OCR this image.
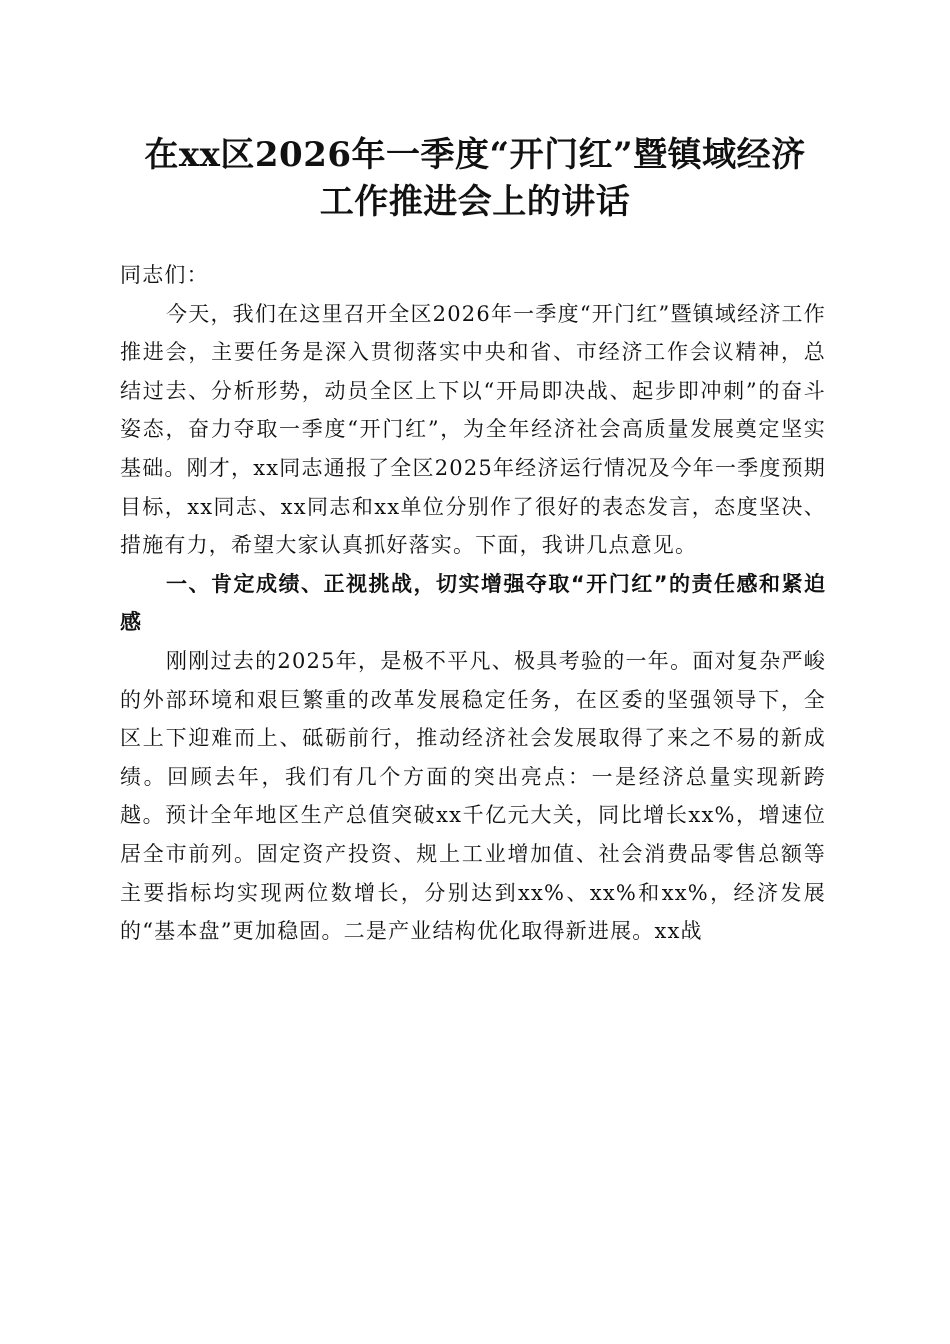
在xx区2026年一季度“开门红”暨镇域经济
工作推进会上的讲话

同志们：

今天，我们在这里召开全区2026年一季度“开门红”暨镇域经济工作推进会，主要任务是深入贯彻落实中央和省、市经济工作会议精神，总结过去、分析形势，动员全区上下以“开局即决战、起步即冲刺”的奋斗姿态，奋力夺取一季度“开门红”，为全年经济社会高质量发展奠定坚实基础。刚才，xx同志通报了全区2025年经济运行情况及今年一季度预期目标，xx同志、xx同志和xx单位分别作了很好的表态发言，态度坚决、措施有力，希望大家认真抓好落实。下面，我讲几点意见。

一、肯定成绩、正视挑战，切实增强夺取“开门红”的责任感和紧迫感

刚刚过去的2025年，是极不平凡、极具考验的一年。面对复杂严峻的外部环境和艰巨繁重的改革发展稳定任务，在区委的坚强领导下，全区上下迎难而上、砥砺前行，推动经济社会发展取得了来之不易的新成绩。回顾去年，我们有几个方面的突出亮点：一是经济总量实现新跨越。预计全年地区生产总值突破xx千亿元大关，同比增长xx%，增速位居全市前列。固定资产投资、规上工业增加值、社会消费品零售总额等主要指标均实现两位数增长，分别达到xx%、xx%和xx%，经济发展的“基本盘”更加稳固。二是产业结构优化取得新进展。xx战
